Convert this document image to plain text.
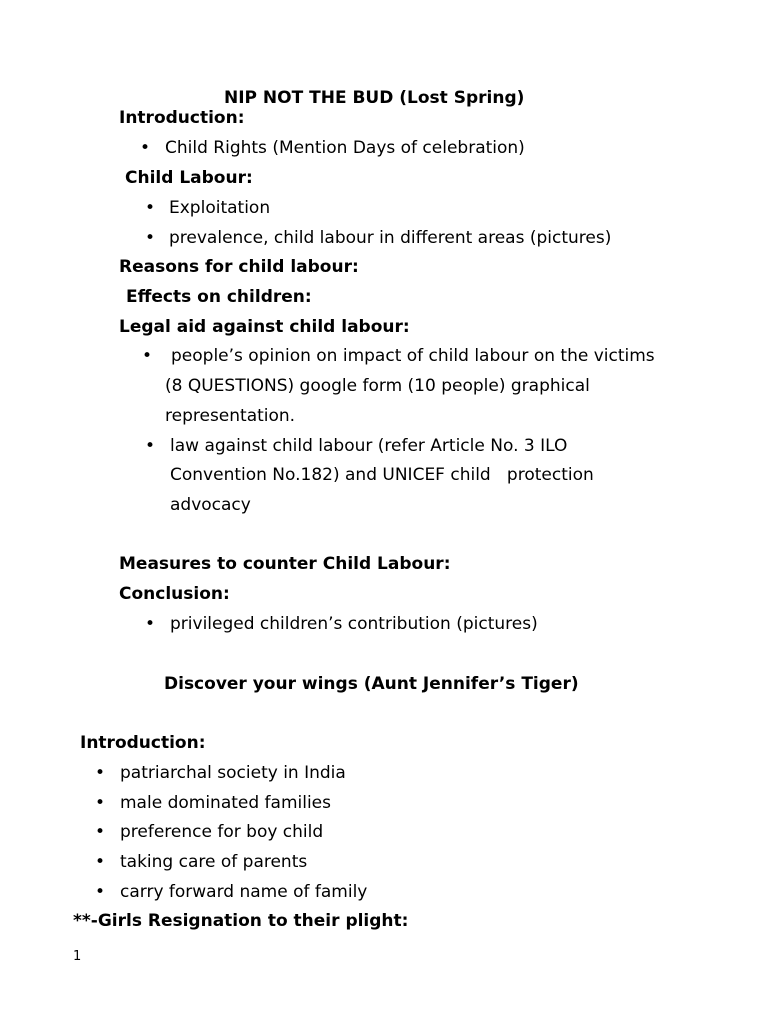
NIP NOT THE BUD (Lost Spring)
Introduction:
• Child Rights (Mention Days of celebration)
Child Labour:
• Exploitation
• prevalence, child labour in different areas (pictures)
Reasons for child labour:
Effects on children:
Legal aid against child labour:
• people’s opinion on impact of child labour on the victims
(8 QUESTIONS) google form (10 people) graphical
representation.
• law against child labour (refer Article No. 3 ILO
Convention No.182) and UNICEF child   protection
advocacy
Measures to counter Child Labour:
Conclusion:
• privileged children’s contribution (pictures)
Discover your wings (Aunt Jennifer’s Tiger)
Introduction:
• patriarchal society in India
• male dominated families
• preference for boy child
• taking care of parents
• carry forward name of family
**-Girls Resignation to their plight:
1
